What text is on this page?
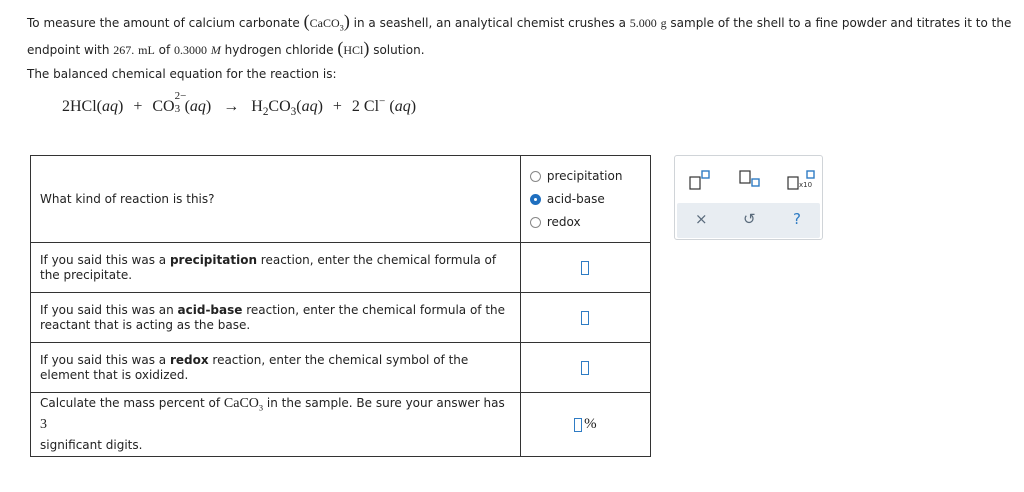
To measure the amount of calcium carbonate (CaCO$_3$) in a seashell, an analytical chemist crushes a 5.000 g sample of the shell to a fine powder and titrates it to the endpoint with 267. mL of 0.3000 M hydrogen chloride (HCl) solution.
The balanced chemical equation for the reaction is:
2HCl(aq) + CO
2−
3 $(aq) \to H_2CO_3(aq) + 2$ Cl− (aq)
What kind of reaction is this?	precipitation
acid-base
redox

If you said this was a precipitation reaction, enter the chemical formula of the precipitate.	
If you said this was an acid-base reaction, enter the chemical formula of the reactant that is acting as the base.	
If you said this was a redox reaction, enter the chemical symbol of the element that is oxidized.	
Calculate the mass percent of CaCO$_3$ in the sample. Be sure your answer has 3
significant digits.	%
x10
× ↺ ?
